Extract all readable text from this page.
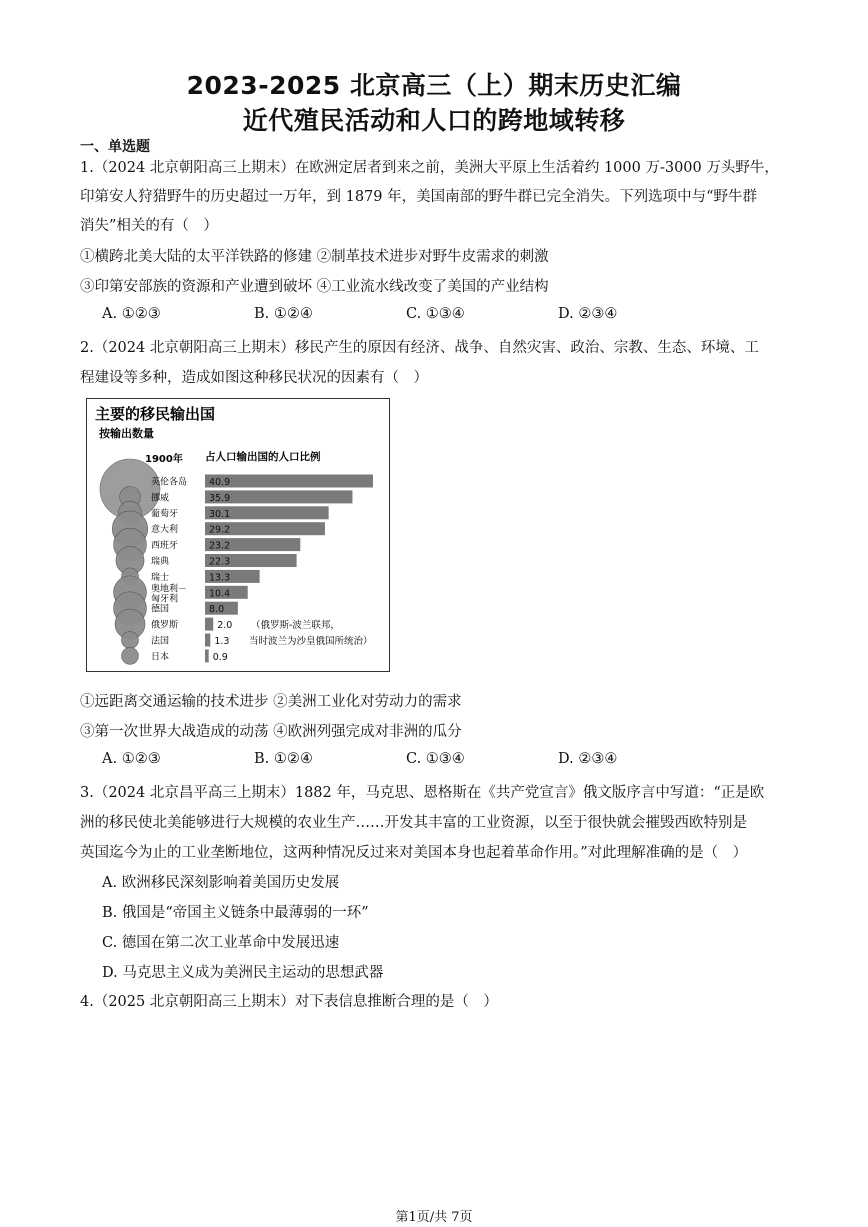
2023-2025 北京高三（上）期末历史汇编
近代殖民活动和人口的跨地域转移
一、单选题
1.（2024 北京朝阳高三上期末）在欧洲定居者到来之前，美洲大平原上生活着约 1000 万-3000 万头野牛，
印第安人狩猎野牛的历史超过一万年，到 1879 年，美国南部的野牛群已完全消失。下列选项中与“野牛群
消失”相关的有（　）
①横跨北美大陆的太平洋铁路的修建 ②制革技术进步对野牛皮需求的刺激
③印第安部族的资源和产业遭到破坏 ④工业流水线改变了美国的产业结构
A. ①②③	B. ①②④	C. ①③④	D. ②③④
2.（2024 北京朝阳高三上期末）移民产生的原因有经济、战争、自然灾害、政治、宗教、生态、环境、工
程建设等多种，造成如图这种移民状况的因素有（　）
主要的移民输出国
按输出数量
1900年 占人口输出国的人口比例
英伦各岛 40.9
挪威	35.9
葡萄牙	30.1
意大利	29.2
西班牙	23.2
瑞典	22.3
瑞士	13.3
奥地利－
匈牙利	10.4
德国	8.0
俄罗斯	2.0
法国	1.3
日本	0.9
（俄罗斯-波兰联邦，
当时波兰为沙皇俄国所统治）
①远距离交通运输的技术进步 ②美洲工业化对劳动力的需求
③第一次世界大战造成的动荡 ④欧洲列强完成对非洲的瓜分
A. ①②③	B. ①②④	C. ①③④	D. ②③④
3.（2024 北京昌平高三上期末）1882 年，马克思、恩格斯在《共产党宣言》俄文版序言中写道：“正是欧
洲的移民使北美能够进行大规模的农业生产……开发其丰富的工业资源，以至于很快就会摧毁西欧特别是
英国迄今为止的工业垄断地位，这两种情况反过来对美国本身也起着革命作用。”对此理解准确的是（　）
A. 欧洲移民深刻影响着美国历史发展
B. 俄国是“帝国主义链条中最薄弱的一环”
C. 德国在第二次工业革命中发展迅速
D. 马克思主义成为美洲民主运动的思想武器
4.（2025 北京朝阳高三上期末）对下表信息推断合理的是（　）
第1页/共 7页
